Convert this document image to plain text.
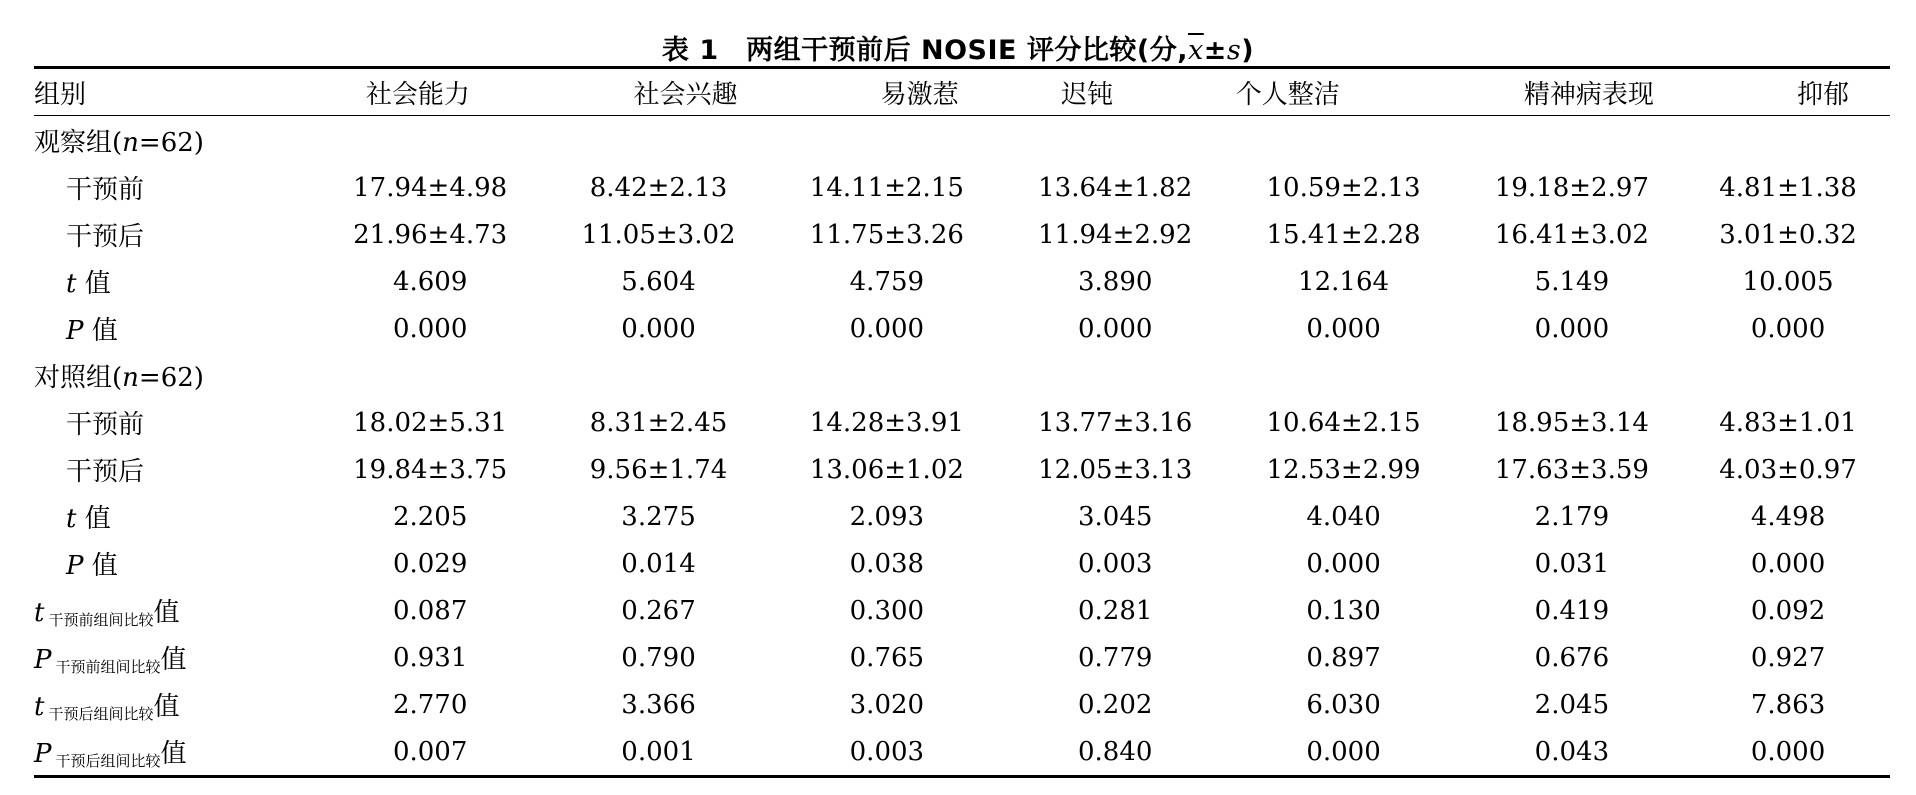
表 1　两组干预前后 NOSIE 评分比较(分$,\overline{x}\pm s$)
组别	社会能力	社会兴趣	易激惹	迟钝	个人整洁	精神病表现	抑郁
观察组(n=62)							
干预前	17.94±4.98	8.42±2.13	14.11±2.15	13.64±1.82	10.59±2.13	19.18±2.97	4.81±1.38
干预后	21.96±4.73	11.05±3.02	11.75±3.26	11.94±2.92	15.41±2.28	16.41±3.02	3.01±0.32
t 值	4.609	5.604	4.759	3.890	12.164	5.149	10.005
P 值	0.000	0.000	0.000	0.000	0.000	0.000	0.000
对照组(n=62)							
干预前	18.02±5.31	8.31±2.45	14.28±3.91	13.77±3.16	10.64±2.15	18.95±3.14	4.83±1.01
干预后	19.84±3.75	9.56±1.74	13.06±1.02	12.05±3.13	12.53±2.99	17.63±3.59	4.03±0.97
t 值	2.205	3.275	2.093	3.045	4.040	2.179	4.498
P 值	0.029	0.014	0.038	0.003	0.000	0.031	0.000
t $_{干预前组间比较}$值	0.087	0.267	0.300	0.281	0.130	0.419	0.092
P $_{干预前组间比较}$值	0.931	0.790	0.765	0.779	0.897	0.676	0.927
t $_{干预后组间比较}$值	2.770	3.366	3.020	0.202	6.030	2.045	7.863
P $_{干预后组间比较}$值	0.007	0.001	0.003	0.840	0.000	0.043	0.000
